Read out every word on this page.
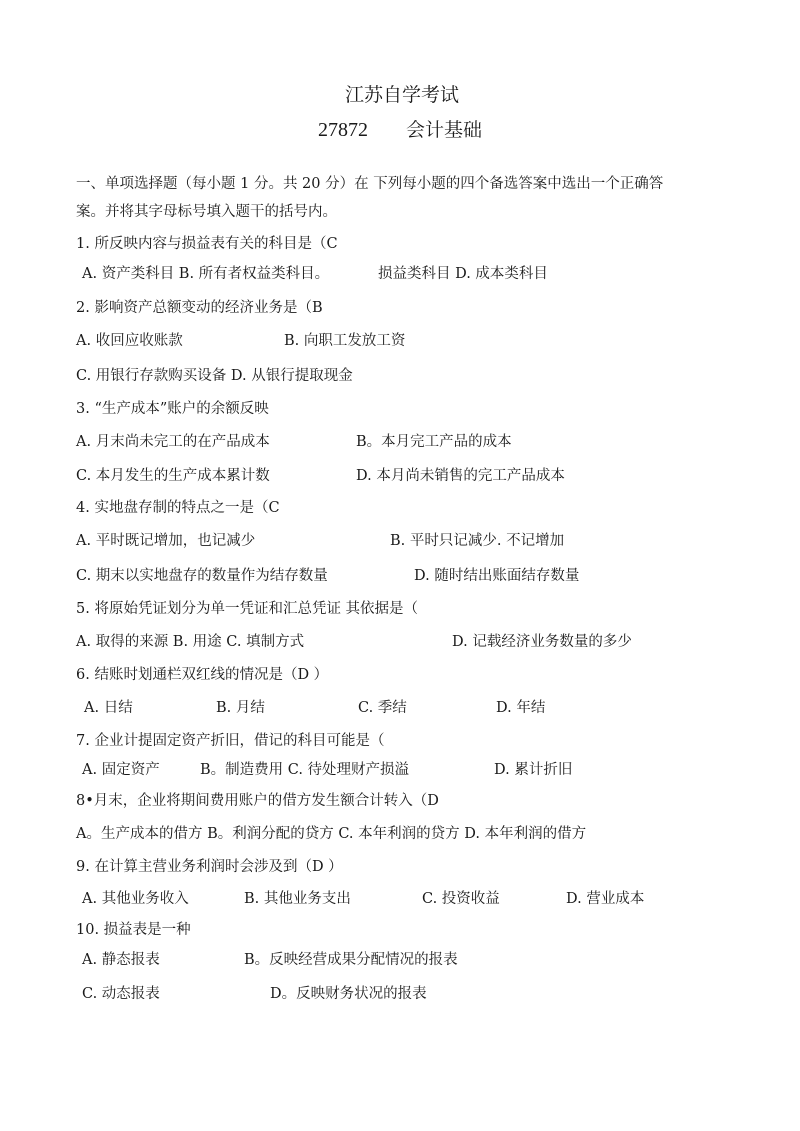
江苏自学考试
27872 会计基础
一、单项选择题（每小题 1 分。共 20 分）在 下列每小题的四个备选答案中选出一个正确答
案。并将其字母标号填入题干的括号内。
1. 所反映内容与损益表有关的科目是（C
A. 资产类科目 B. 所有者权益类科目。	损益类科目 D. 成本类科目
2. 影响资产总额变动的经济业务是（B
A. 收回应收账款	B. 向职工发放工资
C. 用银行存款购买设备 D. 从银行提取现金
3. “生产成本”账户的余额反映
A. 月末尚未完工的在产品成本	B。本月完工产品的成本
C. 本月发生的生产成本累计数	D. 本月尚未销售的完工产品成本
4. 实地盘存制的特点之一是（C
A. 平时既记增加，也记减少	B. 平时只记减少. 不记增加
C. 期末以实地盘存的数量作为结存数量	D. 随时结出账面结存数量
5. 将原始凭证划分为单一凭证和汇总凭证 其依据是（
A. 取得的来源 B. 用途 C. 填制方式	D. 记载经济业务数量的多少
6. 结账时划通栏双红线的情况是（D ）
A. 日结	B. 月结	C. 季结	D. 年结
7. 企业计提固定资产折旧，借记的科目可能是（
A. 固定资产	B。制造费用 C. 待处理财产损溢	D. 累计折旧
8•月末，企业将期间费用账户的借方发生额合计转入（D
A。生产成本的借方 B。利润分配的贷方 C. 本年利润的贷方 D. 本年利润的借方
9. 在计算主营业务利润时会涉及到（D ）
A. 其他业务收入	B. 其他业务支出	C. 投资收益	D. 营业成本
10. 损益表是一种
A. 静态报表	B。反映经营成果分配情况的报表
C. 动态报表	D。反映财务状况的报表
